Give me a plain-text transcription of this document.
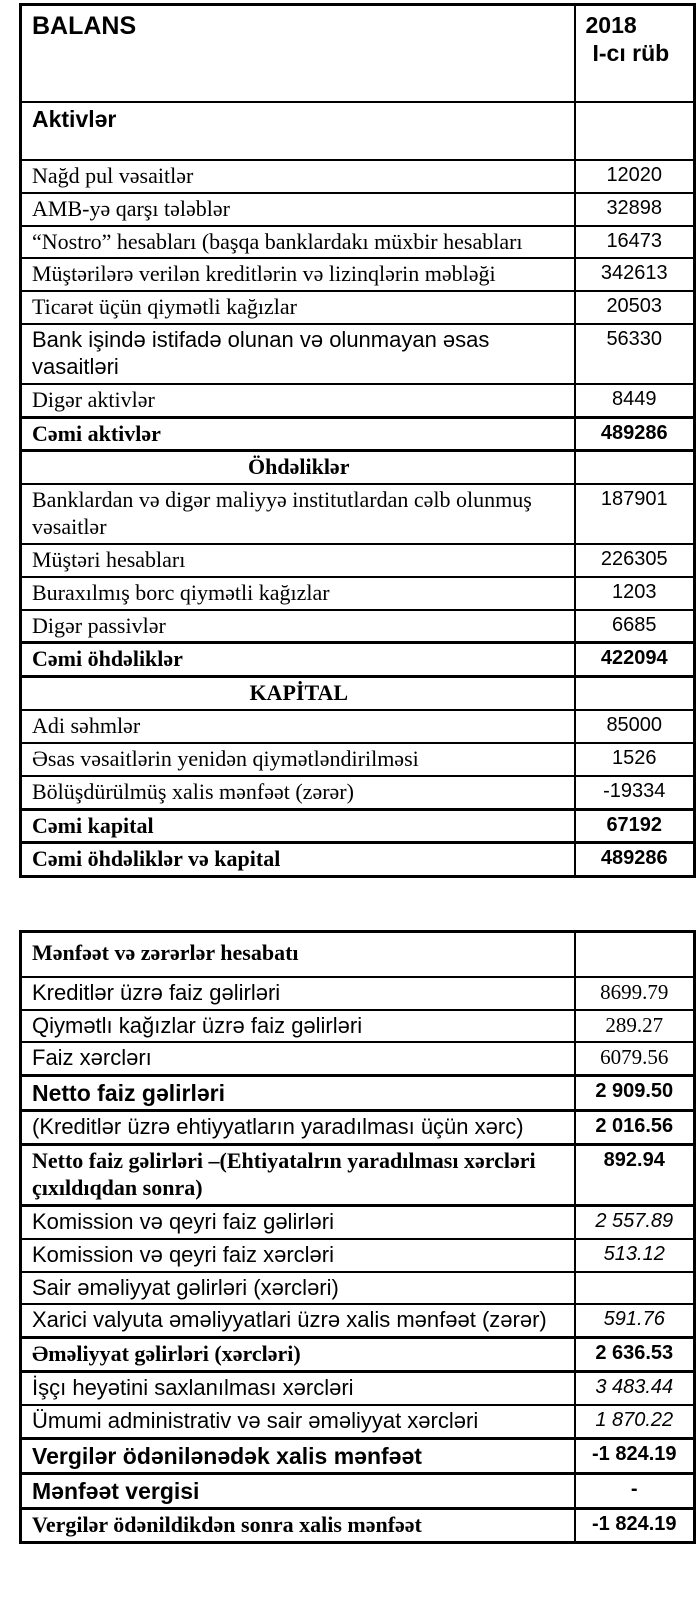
BALANS	2018
I-cı rüb

Aktivlər	
Nağd pul vəsaitlər	12020
AMB-yə qarşı tələblər	32898
“Nostro” hesabları (başqa banklardakı müxbir hesabları	16473
Müştərilərə verilən kreditlərin və lizinqlərin məbləği	342613
Ticarət üçün qiymətli kağızlar	20503
Bank işində istifadə olunan və olunmayan əsas vasaitləri	56330
Digər aktivlər	8449
Cəmi aktivlər	489286
Öhdəliklər	
Banklardan və digər maliyyə institutlardan cəlb olunmuş vəsaitlər	187901
Müştəri hesabları	226305
Buraxılmış borc qiymətli kağızlar	1203
Digər passivlər	6685
Cəmi öhdəliklər	422094
KAPİTAL	
Adi səhmlər	85000
Əsas vəsaitlərin yenidən qiymətləndirilməsi	1526
Bölüşdürülmüş xalis mənfəət (zərər)	-19334
Cəmi kapital	67192
Cəmi öhdəliklər və kapital	489286
Mənfəət və zərərlər hesabatı	
Kreditlər üzrə faiz gəlirləri	8699.79
Qiymətlı kağızlar üzrə faiz gəlirləri	289.27
Faiz xərclərı	6079.56
Netto faiz gəlirləri	2 909.50
(Kreditlər üzrə ehtiyyatların yaradılması üçün xərc)	2 016.56
Netto faiz gəlirləri –(Ehtiyatalrın yaradılması xərcləri çıxıldıqdan sonra)	892.94
Komission və qeyri faiz gəlirləri	2 557.89
Komission və qeyri faiz xərcləri	513.12
Sair əməliyyat gəlirləri (xərcləri)	
Xarici valyuta əməliyyatlari üzrə xalis mənfəət (zərər)	591.76
Əməliyyat gəlirləri (xərcləri)	2 636.53
İşçı heyətini saxlanılması xərcləri	3 483.44
Ümumi administrativ və sair əməliyyat xərcləri	1 870.22
Vergilər ödənilənədək xalis mənfəət	-1 824.19
Mənfəət vergisi	-
Vergilər ödənildikdən sonra xalis mənfəət	-1 824.19
